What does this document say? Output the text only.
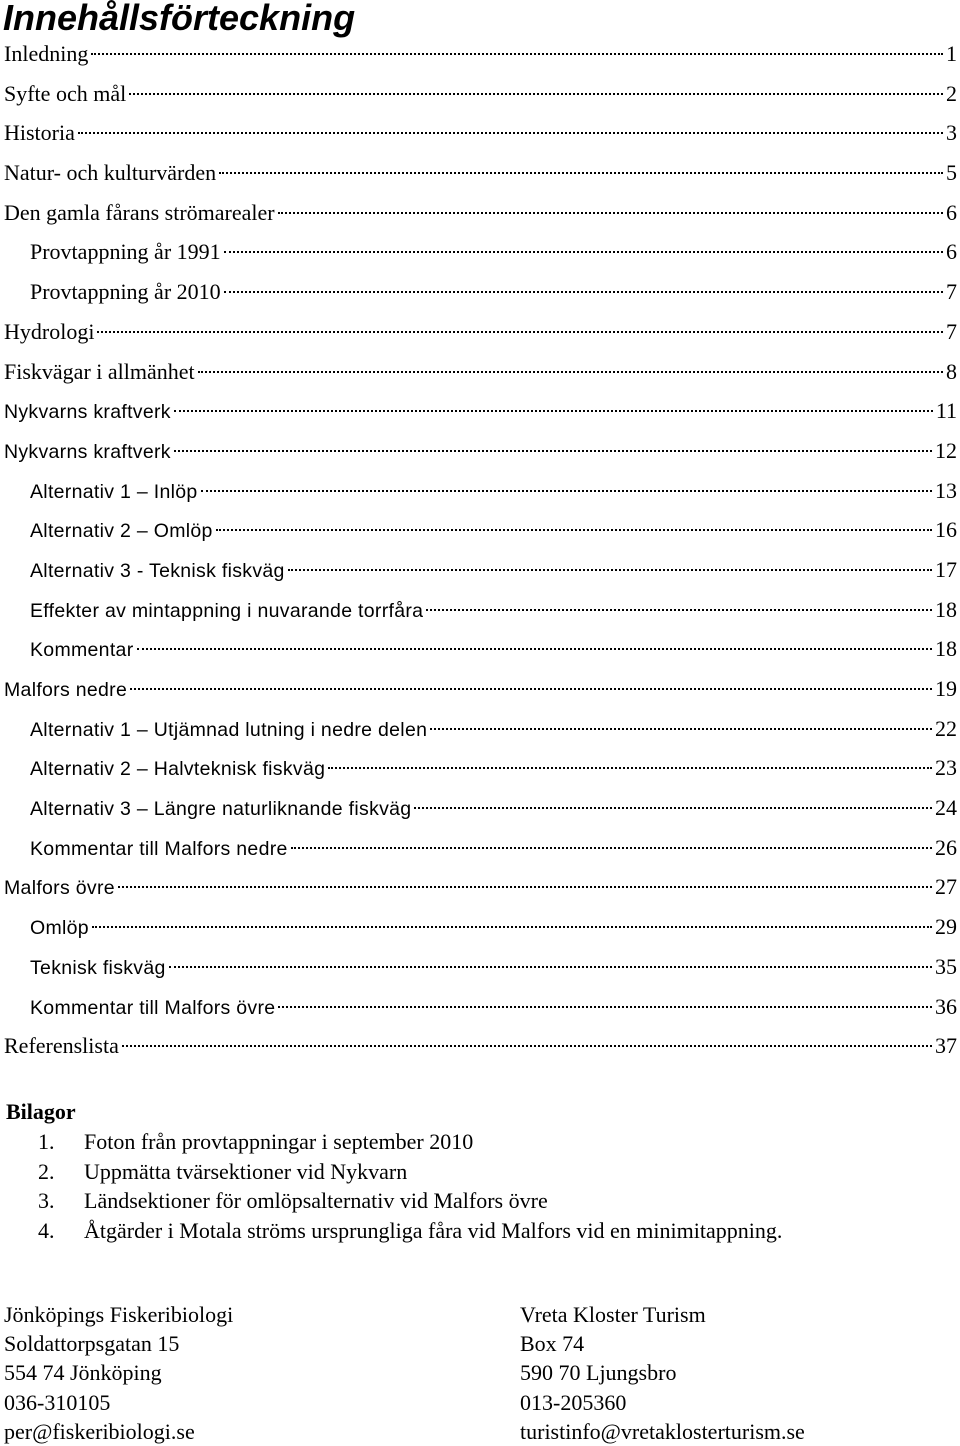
Innehållsförteckning
Inledning	1
Syfte och mål	2
Historia	3
Natur- och kulturvärden	5
Den gamla fårans strömarealer	6
Provtappning år 1991	6
Provtappning år 2010	7
Hydrologi	7
Fiskvägar i allmänhet	8
Nykvarns kraftverk	11
Nykvarns kraftverk	12
Alternativ 1 – Inlöp	13
Alternativ 2 – Omlöp	16
Alternativ 3 - Teknisk fiskväg	17
Effekter av mintappning i nuvarande torrfåra	18
Kommentar	18
Malfors nedre	19
Alternativ 1 – Utjämnad lutning i nedre delen	22
Alternativ 2 – Halvteknisk fiskväg	23
Alternativ 3 – Längre naturliknande fiskväg	24
Kommentar till Malfors nedre	26
Malfors övre	27
Omlöp	29
Teknisk fiskväg	35
Kommentar till Malfors övre	36
Referenslista	37
Bilagor
1.	Foton från provtappningar i september 2010
2.	Uppmätta tvärsektioner vid Nykvarn
3.	Ländsektioner för omlöpsalternativ vid Malfors övre
4.	Åtgärder i Motala ströms ursprungliga fåra vid Malfors vid en minimitappning.
Jönköpings Fiskeribiologi
Soldattorpsgatan 15
554 74 Jönköping
036-310105
per@fiskeribiologi.se
Vreta Kloster Turism
Box 74
590 70 Ljungsbro
013-205360
turistinfo@vretaklosterturism.se
